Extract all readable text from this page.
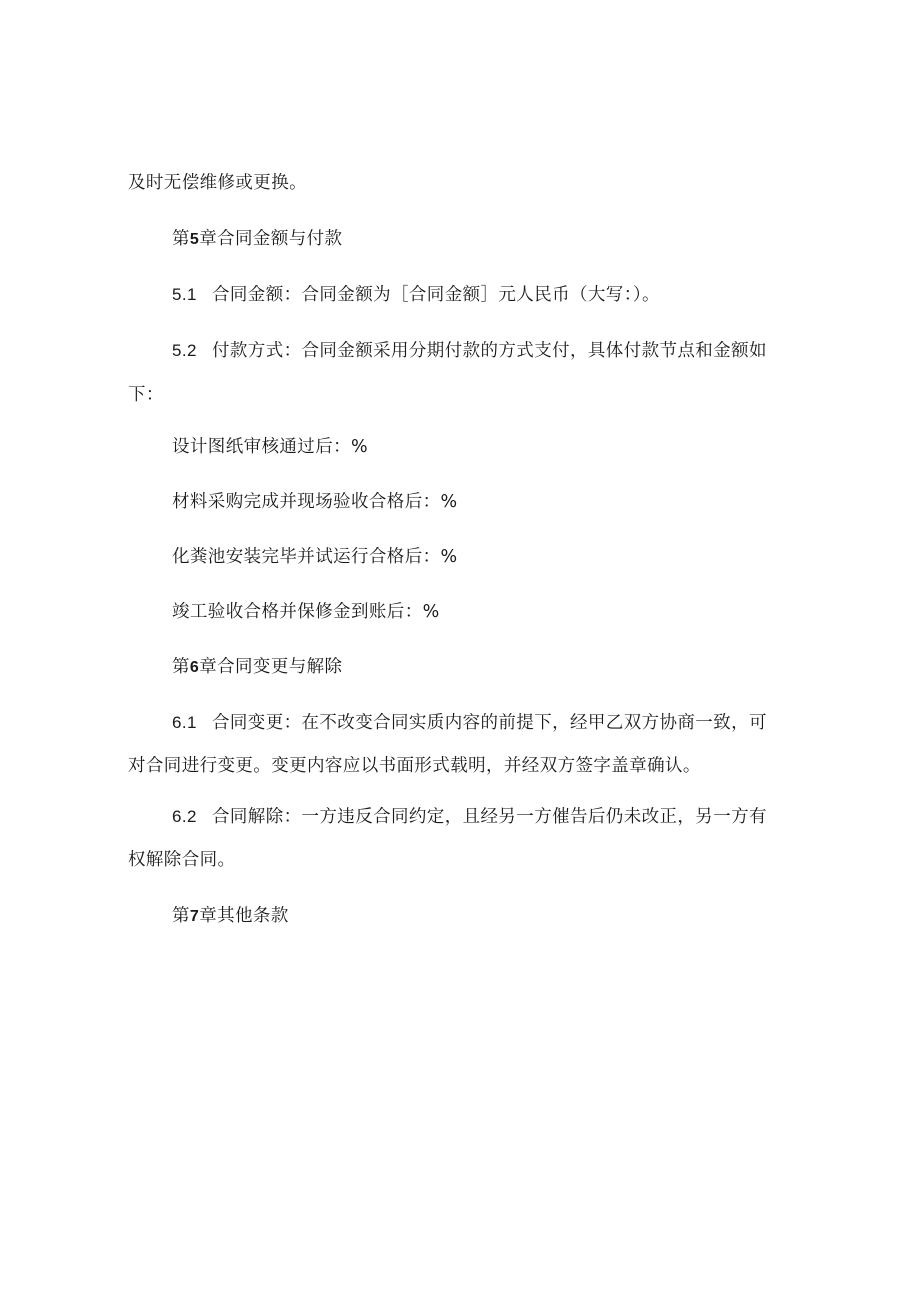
及时无偿维修或更换。
第5章合同金额与付款
5.1 合同金额：合同金额为［合同金额］元人民币（大写：）。
5.2 付款方式：合同金额采用分期付款的方式支付，具体付款节点和金额如
下：
设计图纸审核通过后：%
材料采购完成并现场验收合格后：%
化粪池安装完毕并试运行合格后：%
竣工验收合格并保修金到账后：%
第6章合同变更与解除
6.1 合同变更：在不改变合同实质内容的前提下，经甲乙双方协商一致，可
对合同进行变更。变更内容应以书面形式载明，并经双方签字盖章确认。
6.2 合同解除：一方违反合同约定，且经另一方催告后仍未改正，另一方有
权解除合同。
第7章其他条款
